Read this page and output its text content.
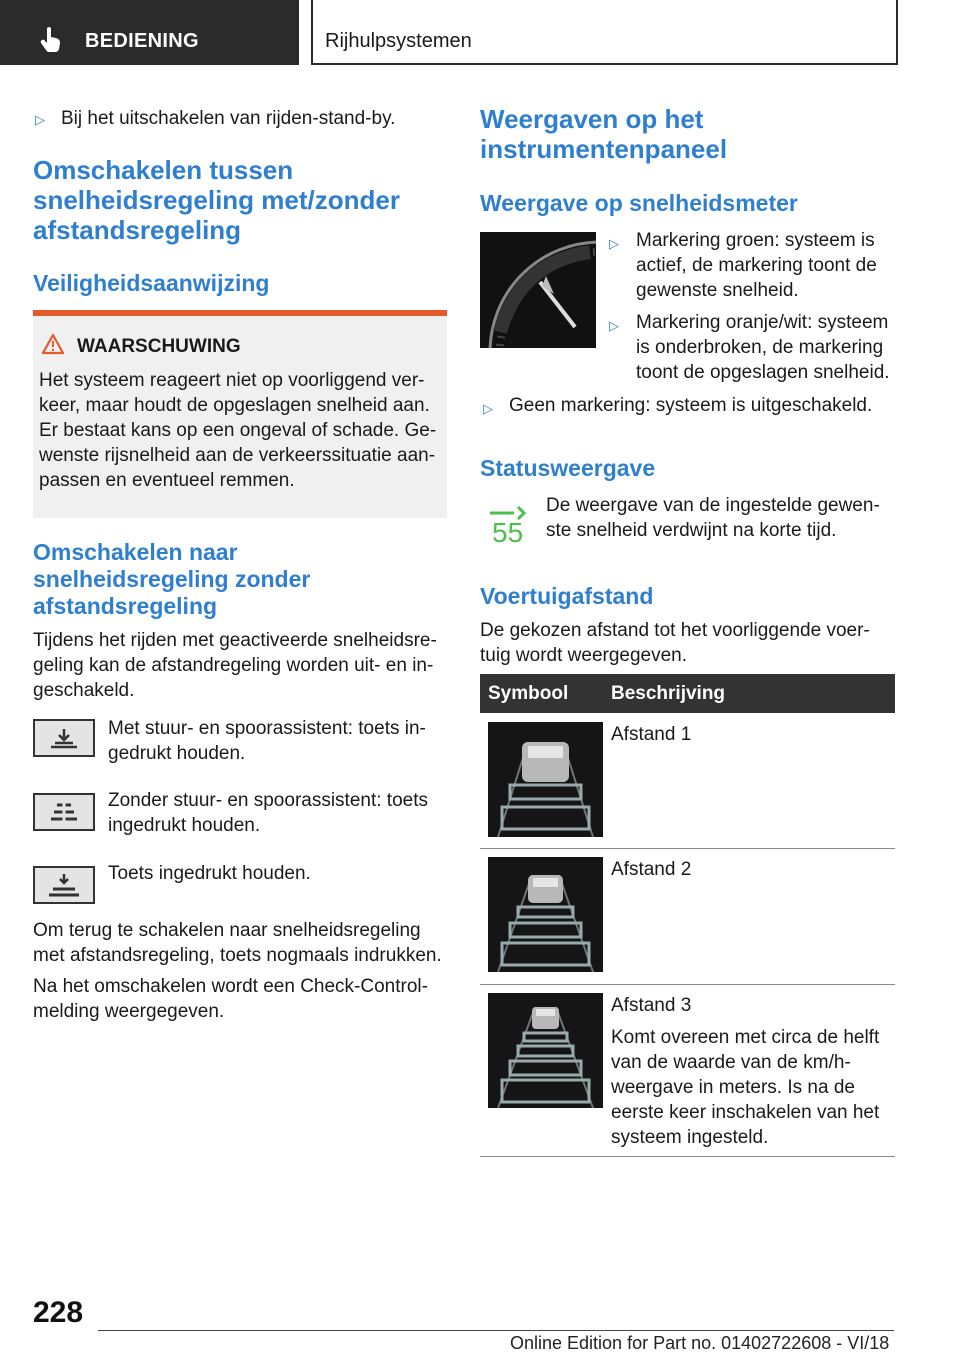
BEDIENING	Rijhulpsystemen
▷ Bij het uitschakelen van rijden-stand-by.
Omschakelen tussen
snelheidsregeling met/zonder
afstandsregeling
Veiligheidsaanwijzing
WAARSCHUWING
Het systeem reageert niet op voorliggend ver-
keer, maar houdt de opgeslagen snelheid aan.
Er bestaat kans op een ongeval of schade. Ge-
wenste rijsnelheid aan de verkeerssituatie aan-
passen en eventueel remmen.
Omschakelen naar
snelheidsregeling zonder
afstandsregeling
Tijdens het rijden met geactiveerde snelheidsre-
geling kan de afstandregeling worden uit- en in-
geschakeld.
Met stuur- en spoorassistent: toets in-
gedrukt houden.
Zonder stuur- en spoorassistent: toets
ingedrukt houden.
Toets ingedrukt houden.
Om terug te schakelen naar snelheidsregeling
met afstandsregeling, toets nogmaals indrukken.
Na het omschakelen wordt een Check-Control-
melding weergegeven.
Weergaven op het
instrumentenpaneel
Weergave op snelheidsmeter
▷ Markering groen: systeem is
actief, de markering toont de
gewenste snelheid.
▷ Markering oranje/wit: systeem
is onderbroken, de markering
toont de opgeslagen snelheid.
▷ Geen markering: systeem is uitgeschakeld.
Statusweergave
55
De weergave van de ingestelde gewen-
ste snelheid verdwijnt na korte tijd.
Voertuigafstand
De gekozen afstand tot het voorliggende voer-
tuig wordt weergegeven.
Symbool Beschrijving
Afstand 1
Afstand 2
Afstand 3
Komt overeen met circa de helft
van de waarde van de km/h-
weergave in meters. Is na de
eerste keer inschakelen van het
systeem ingesteld.
228
Online Edition for Part no. 01402722608 - VI/18
